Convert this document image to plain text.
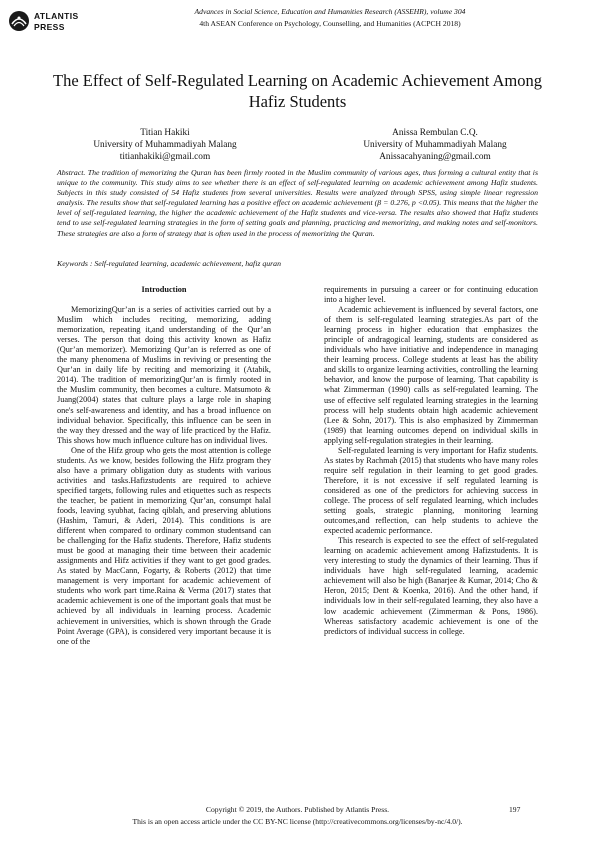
ATLANTIS
PRESS
Advances in Social Science, Education and Humanities Research (ASSEHR), volume 304
4th ASEAN Conference on Psychology, Counselling, and Humanities (ACPCH 2018)
The Effect of Self-Regulated Learning on Academic Achievement Among Hafiz Students
Titian Hakiki
University of Muhammadiyah Malang
titianhakiki@gmail.com
Anissa Rembulan C.Q.
University of Muhammadiyah Malang
Anissacahyaning@gmail.com
Abstract. The tradition of memorizing the Quran has been firmly rooted in the Muslim community of various ages, thus forming a cultural entity that is unique to the community. This study aims to see whether there is an effect of self-regulated learning on academic achievement among Hafiz students. Subjects in this study consisted of 54 Hafiz students from several universities. Results were analyzed through SPSS, using simple linear regression analysis. The results show that self-regulated learning has a positive effect on academic achievement (β = 0.276, p <0.05). This means that the higher the level of self-regulated learning, the higher the academic achievement of the Hafiz students and vice-versa. The results also showed that Hafiz students tend to use self-regulated learning strategies in the form of setting goals and planning, practicing and memorizing, and making notes and self-monitors. These strategies are also a form of strategy that is often used in the process of memorizing the Quran.
Keywords : Self-regulated learning, academic achievement, hafiz quran
Introduction

MemorizingQur’an is a series of activities carried out by a Muslim which includes reciting, memorizing, adding memorization, repeating it,and understanding of the Qur’an verses. The person that doing this activity known as Hafiz (Qur’an memorizer). Memorizing Qur’an is referred as one of the many phenomena of Muslims in reviving or presenting the Qur’an in daily life by reciting and memorizing it (Atabik, 2014). The tradition of memorizingQur’an is firmly rooted in the Muslim community, then becomes a culture. Matsumoto & Juang(2004) states that culture plays a large role in shaping one's self-awareness and identity, and has a broad influence on individual behavior. Specifically, this influence can be seen in the way they dressed and the way of life practiced by the Hafiz. This shows how much influence culture has on individual lives.

One of the Hifz group who gets the most attention is college students. As we know, besides following the Hifz program they also have a primary obligation duty as students with various activities and tasks.Hafizstudents are required to achieve specified targets, following rules and etiquettes such as respects the teacher, be patient in memorizing Qur’an, consumpt halal foods, leaving syubhat, facing qiblah, and preserving ablutions (Hashim, Tamuri, & Aderi, 2014). This conditions is are different when compared to ordinary common studentsand can be challenging for the Hafiz students. Therefore, Hafiz students must be good at managing their time between their academic assignments and Hifz activities if they want to get good grades. As stated by MacCann, Fogarty, & Roberts (2012) that time management is very important for academic achievement of students who work part time.Raina & Verma (2017) states that academic achievement is one of the important goals that must be achieved by all individuals in learning process. Academic achievement in universities, which is shown through the Grade Point Average (GPA), is considered very important because it is one of the

requirements in pursuing a career or for continuing education into a higher level.

Academic achievement is influenced by several factors, one of them is self-regulated learning strategies.As part of the learning process in higher education that emphasizes the principle of andragogical learning, students are considered as individuals who have initiative and independence in managing their learning process. College students at least has the ability and skills to organize learning activities, controlling the learning behavior, and know the purpose of learning. That capability is what Zimmerman (1990) calls as self-regulated learning. The use of effective self regulated learning strategies in the learning process will help students obtain high academic achievement (Lee & Sohn, 2017). This is also emphasized by Zimmerman (1989) that learning outcomes depend on individual skills in applying self-regulation strategies in their learning.

Self-regulated learning is very important for Hafiz students. As states by Rachmah (2015) that students who have many roles require self regulation in their learning to get good grades. Therefore, it is not excessive if self regulated learning is considered as one of the predictors for achieving success in college. The process of self regulated learning, which includes setting goals, strategic planning, monitoring learning outcomes,and reflection, can help students to achieve the expected academic performance.

This research is expected to see the effect of self-regulated learning on academic achievement among Hafizstudents. It is very interesting to study the dynamics of their learning. Thus if individuals have high self-regulated learning, academic achievement will also be high (Banarjee & Kumar, 2014; Cho & Heron, 2015; Dent & Koenka, 2016). And the other hand, if individuals low in their self-regulated learning, they also have a low academic achievement (Zimmerman & Pons, 1986). Whereas satisfactory academic achievement is one of the predictors of individual success in college.

Copyright © 2019, the Authors. Published by Atlantis Press.	197
This is an open access article under the CC BY-NC license (http://creativecommons.org/licenses/by-nc/4.0/).
